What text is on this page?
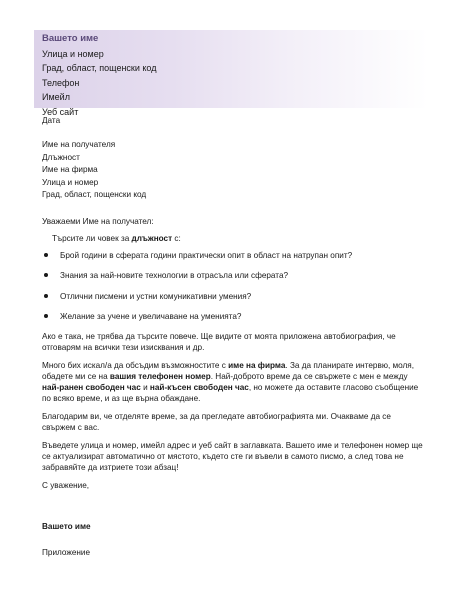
Вашето име
Улица и номер
Град, област, пощенски код
Телефон
Имейл
Уеб сайт

Дата

Име на получателя
Длъжност
Име на фирма
Улица и номер
Град, област, пощенски код

Уважаеми Име на получател:

Търсите ли човек за длъжност с:

Брой години в сферата години практически опит в област на натрупан опит?
Знания за най-новите технологии в отрасъла или сферата?
Отлични писмени и устни комуникативни умения?
Желание за учене и увеличаване на уменията?

Ако е така, не трябва да търсите повече. Ще видите от моята приложена автобиография, че отговарям на всички тези изисквания и др.

Много бих искал/а да обсъдим възможностите с име на фирма. За да планирате интервю, моля, обадете ми се на вашия телефонен номер. Най-доброто време да се свържете с мен е между най-ранен свободен час и най-късен свободен час, но можете да оставите гласово съобщение по всяко време, и аз ще върна обаждане.

Благодарим ви, че отделяте време, за да прегледате автобиографията ми. Очакваме да се свържем с вас.

Въведете улица и номер, имейл адрес и уеб сайт в заглавката. Вашето име и телефонен номер ще се актуализират автоматично от мястото, където сте ги въвели в самото писмо, а след това не забравяйте да изтриете този абзац!

С уважение,

Вашето име

Приложение
